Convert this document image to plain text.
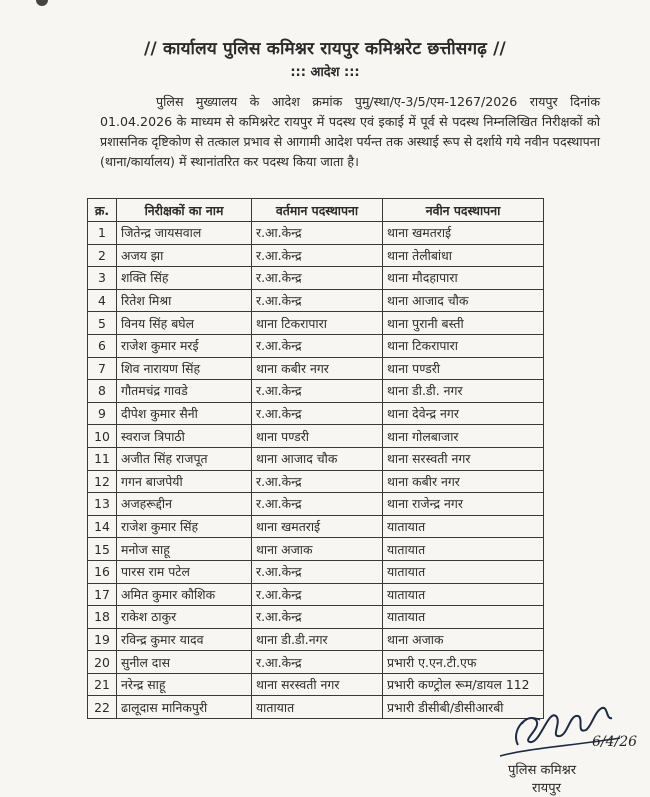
// कार्यालय पुलिस कमिश्नर रायपुर कमिश्नरेट छत्तीसगढ़ //
::: आदेश :::

पुलिस मुख्यालय के आदेश क्रमांक पुमु/स्था/ए-3/5/एम-1267/2026 रायपुर दिनांक 01.04.2026 के माध्यम से कमिश्नरेट रायपुर में पदस्थ एवं इकाई में पूर्व से पदस्थ निम्नलिखित निरीक्षकों को प्रशासनिक दृष्टिकोण से तत्काल प्रभाव से आगामी आदेश पर्यन्त तक अस्थाई रूप से दर्शाये गये नवीन पदस्थापना (थाना/कार्यालय) में स्थानांतरित कर पदस्थ किया जाता है।

क्र.	निरीक्षकों का नाम	वर्तमान पदस्थापना	नवीन पदस्थापना
1	जितेन्द्र जायसवाल	र.आ.केन्द्र	थाना खमतराई
2	अजय झा	र.आ.केन्द्र	थाना तेलीबांधा
3	शक्ति सिंह	र.आ.केन्द्र	थाना मौदहापारा
4	रितेश मिश्रा	र.आ.केन्द्र	थाना आजाद चौक
5	विनय सिंह बघेल	थाना टिकरापारा	थाना पुरानी बस्ती
6	राजेश कुमार मरई	र.आ.केन्द्र	थाना टिकरापारा
7	शिव नारायण सिंह	थाना कबीर नगर	थाना पण्डरी
8	गौतमचंद्र गावडे	र.आ.केन्द्र	थाना डी.डी. नगर
9	दीपेश कुमार सैनी	र.आ.केन्द्र	थाना देवेन्द्र नगर
10	स्वराज त्रिपाठी	थाना पण्डरी	थाना गोलबाजार
11	अजीत सिंह राजपूत	थाना आजाद चौक	थाना सरस्वती नगर
12	गगन बाजपेयी	र.आ.केन्द्र	थाना कबीर नगर
13	अजहरूद्दीन	र.आ.केन्द्र	थाना राजेन्द्र नगर
14	राजेश कुमार सिंह	थाना खमतराई	यातायात
15	मनोज साहू	थाना अजाक	यातायात
16	पारस राम पटेल	र.आ.केन्द्र	यातायात
17	अमित कुमार कौशिक	र.आ.केन्द्र	यातायात
18	राकेश ठाकुर	र.आ.केन्द्र	यातायात
19	रविन्द्र कुमार यादव	थाना डी.डी.नगर	थाना अजाक
20	सुनील दास	र.आ.केन्द्र	प्रभारी ए.एन.टी.एफ
21	नरेन्द्र साहू	थाना सरस्वती नगर	प्रभारी कण्ट्रोल रूम/डायल 112
22	ढालूदास मानिकपुरी	यातायात	प्रभारी डीसीबी/डीसीआरबी
6/4/26
पुलिस कमिश्नर
रायपुर
